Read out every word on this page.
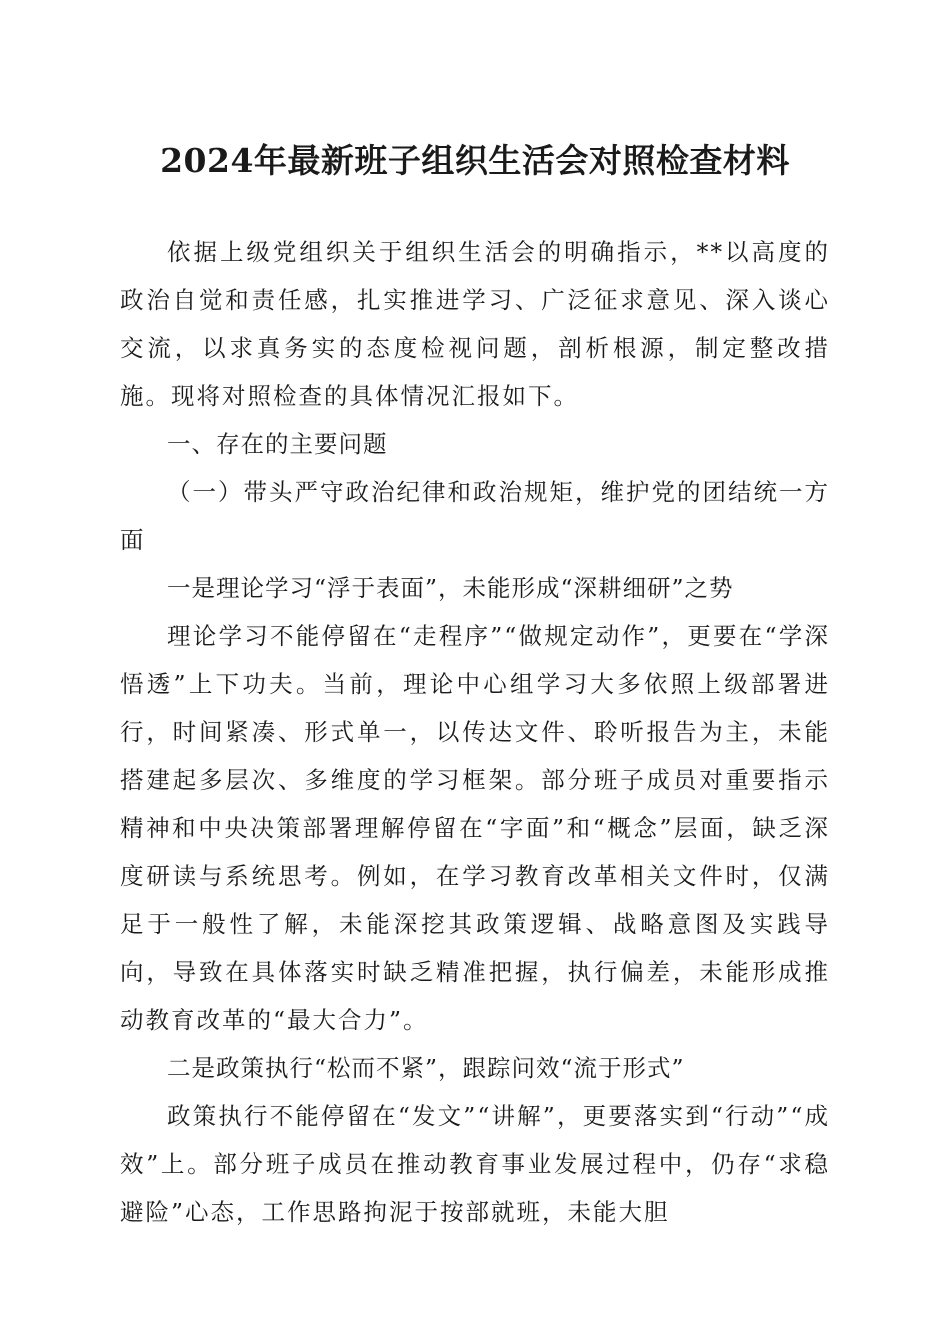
2024年最新班子组织生活会对照检查材料

依据上级党组织关于组织生活会的明确指示，**以高度的政治自觉和责任感，扎实推进学习、广泛征求意见、深入谈心交流，以求真务实的态度检视问题，剖析根源，制定整改措施。现将对照检查的具体情况汇报如下。

一、存在的主要问题

（一）带头严守政治纪律和政治规矩，维护党的团结统一方面

一是理论学习“浮于表面”，未能形成“深耕细研”之势

理论学习不能停留在“走程序”“做规定动作”，更要在“学深悟透”上下功夫。当前，理论中心组学习大多依照上级部署进行，时间紧凑、形式单一，以传达文件、聆听报告为主，未能搭建起多层次、多维度的学习框架。部分班子成员对重要指示精神和中央决策部署理解停留在“字面”和“概念”层面，缺乏深度研读与系统思考。例如，在学习教育改革相关文件时，仅满足于一般性了解，未能深挖其政策逻辑、战略意图及实践导向，导致在具体落实时缺乏精准把握，执行偏差，未能形成推动教育改革的“最大合力”。

二是政策执行“松而不紧”，跟踪问效“流于形式”

政策执行不能停留在“发文”“讲解”，更要落实到“行动”“成效”上。部分班子成员在推动教育事业发展过程中，仍存“求稳避险”心态，工作思路拘泥于按部就班，未能大胆
